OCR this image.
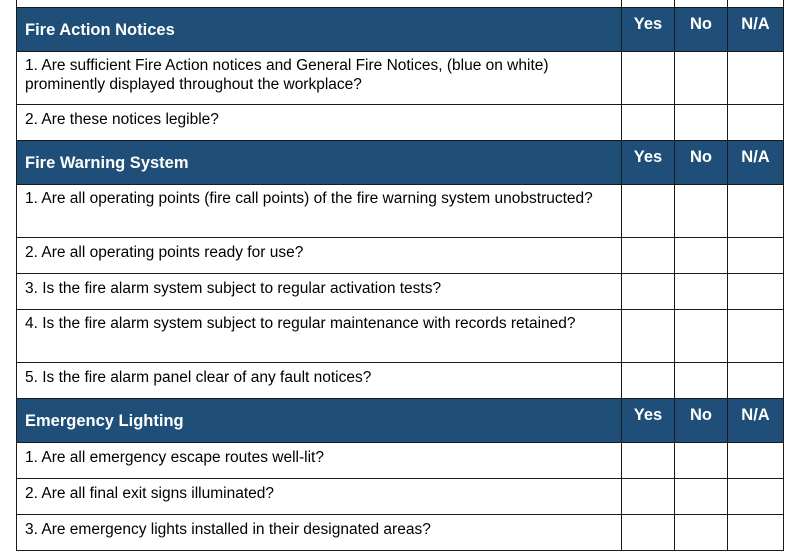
Fire Action Notices	Yes	No	N/A
1. Are sufficient Fire Action notices and General Fire Notices, (blue on white) prominently displayed throughout the workplace?			
2. Are these notices legible?			
Fire Warning System	Yes	No	N/A
1. Are all operating points (fire call points) of the fire warning system unobstructed?			
2. Are all operating points ready for use?			
3. Is the fire alarm system subject to regular activation tests?			
4. Is the fire alarm system subject to regular maintenance with records retained?			
5. Is the fire alarm panel clear of any fault notices?			
Emergency Lighting	Yes	No	N/A
1. Are all emergency escape routes well-lit?			
2. Are all final exit signs illuminated?			
3. Are emergency lights installed in their designated areas?			
